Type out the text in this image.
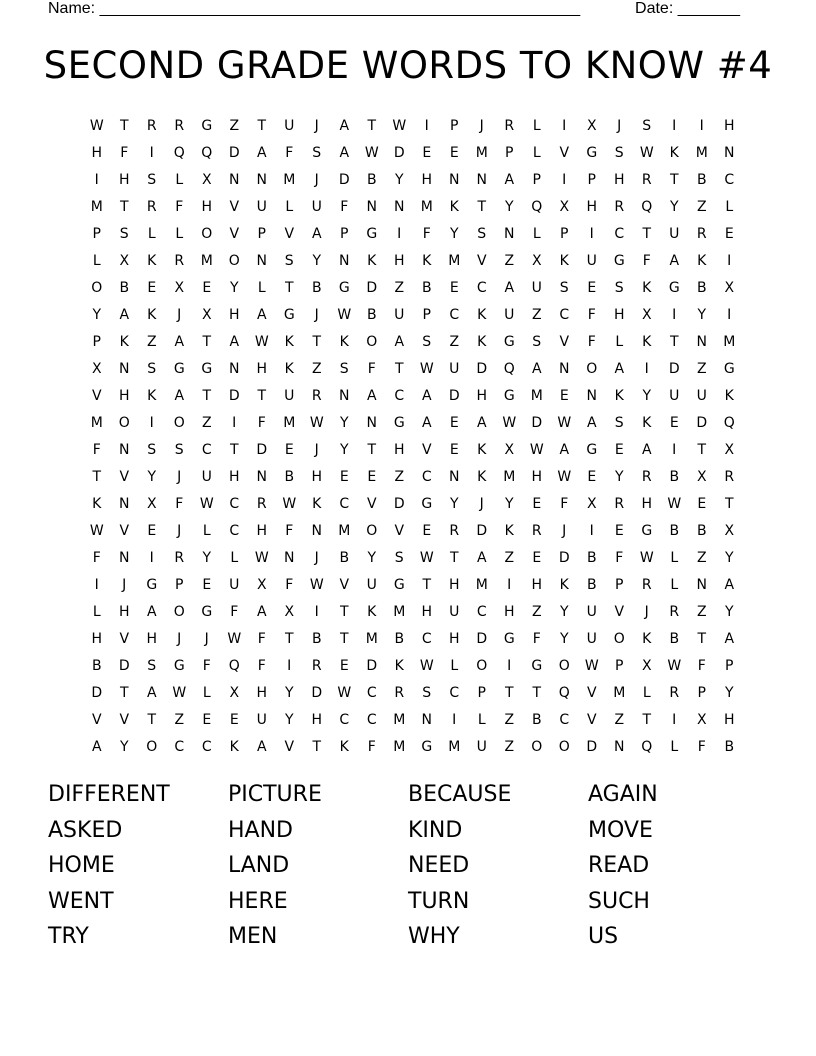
Name: ______________________________________________________	Date: _______
SECOND GRADE WORDS TO KNOW #4
W	T	R	R	G	Z	T	U	J	A	T	W	I	P	J	R	L	I	X	J	S	I	I	H
H	F	I	Q	Q	D	A	F	S	A	W	D	E	E	M	P	L	V	G	S	W	K	M	N
I	H	S	L	X	N	N	M	J	D	B	Y	H	N	N	A	P	I	P	H	R	T	B	C
M	T	R	F	H	V	U	L	U	F	N	N	M	K	T	Y	Q	X	H	R	Q	Y	Z	L
P	S	L	L	O	V	P	V	A	P	G	I	F	Y	S	N	L	P	I	C	T	U	R	E
L	X	K	R	M	O	N	S	Y	N	K	H	K	M	V	Z	X	K	U	G	F	A	K	I
O	B	E	X	E	Y	L	T	B	G	D	Z	B	E	C	A	U	S	E	S	K	G	B	X
Y	A	K	J	X	H	A	G	J	W	B	U	P	C	K	U	Z	C	F	H	X	I	Y	I
P	K	Z	A	T	A	W	K	T	K	O	A	S	Z	K	G	S	V	F	L	K	T	N	M
X	N	S	G	G	N	H	K	Z	S	F	T	W	U	D	Q	A	N	O	A	I	D	Z	G
V	H	K	A	T	D	T	U	R	N	A	C	A	D	H	G	M	E	N	K	Y	U	U	K
M	O	I	O	Z	I	F	M	W	Y	N	G	A	E	A	W	D	W	A	S	K	E	D	Q
F	N	S	S	C	T	D	E	J	Y	T	H	V	E	K	X	W	A	G	E	A	I	T	X
T	V	Y	J	U	H	N	B	H	E	E	Z	C	N	K	M	H	W	E	Y	R	B	X	R
K	N	X	F	W	C	R	W	K	C	V	D	G	Y	J	Y	E	F	X	R	H	W	E	T
W	V	E	J	L	C	H	F	N	M	O	V	E	R	D	K	R	J	I	E	G	B	B	X
F	N	I	R	Y	L	W	N	J	B	Y	S	W	T	A	Z	E	D	B	F	W	L	Z	Y
I	J	G	P	E	U	X	F	W	V	U	G	T	H	M	I	H	K	B	P	R	L	N	A
L	H	A	O	G	F	A	X	I	T	K	M	H	U	C	H	Z	Y	U	V	J	R	Z	Y
H	V	H	J	J	W	F	T	B	T	M	B	C	H	D	G	F	Y	U	O	K	B	T	A
B	D	S	G	F	Q	F	I	R	E	D	K	W	L	O	I	G	O	W	P	X	W	F	P
D	T	A	W	L	X	H	Y	D	W	C	R	S	C	P	T	T	Q	V	M	L	R	P	Y
V	V	T	Z	E	E	U	Y	H	C	C	M	N	I	L	Z	B	C	V	Z	T	I	X	H
A	Y	O	C	C	K	A	V	T	K	F	M	G	M	U	Z	O	O	D	N	Q	L	F	B
DIFFERENT	PICTURE	BECAUSE	AGAIN
ASKED	HAND	KIND	MOVE
HOME	LAND	NEED	READ
WENT	HERE	TURN	SUCH
TRY	MEN	WHY	US
